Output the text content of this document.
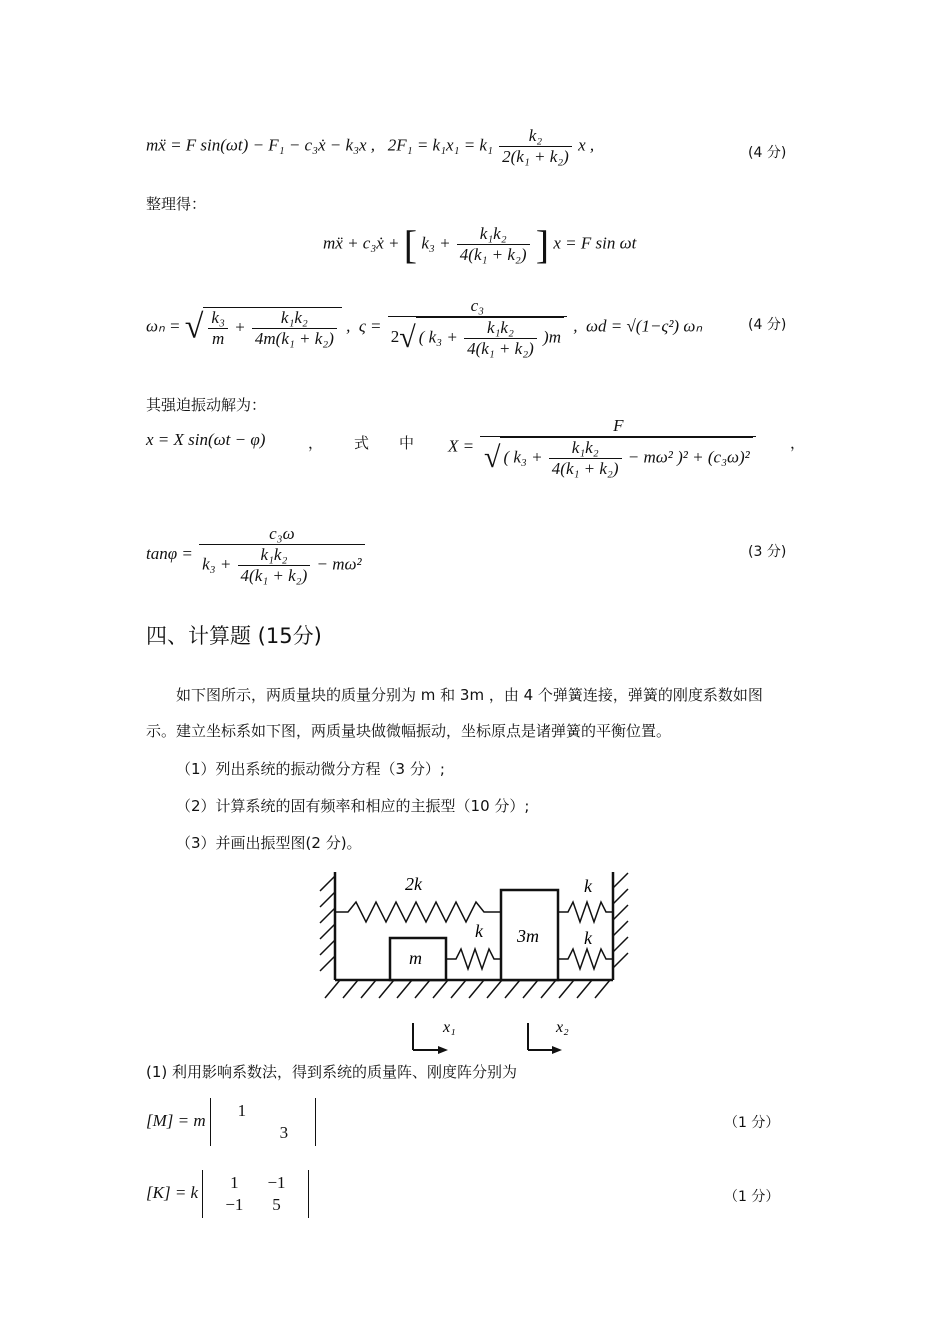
mẍ = F sin(ωt) − F₁ − c₃ẋ − k₃x , $2F_1 = k_1x_1 = k_1 \frac{\text{k₂}}{\text{2(k₁ + k₂)}}$ x ,	(4 分)
整理得：
mẍ + c₃ẋ + [ $k_3 + \frac{\text{k₁k₂}}{\text{4(k₁ + k₂)}}$ ] x = F sin ωt
ωₙ = √ $\frac{\text{k₃}}{m} + \frac{\text{k₁k₂}}{\text{4m(k₁ + k₂)}}$ ,  $\varsigma = \frac{\text{c₃}}{2√ ( k_3 + \frac{\text{k₁k₂}}{\text{4(k₁ + k₂)}} )m}$ ,  ωd = √(1−ς²) ωₙ	(4 分)
其强迫振动解为：
x = X sin(ωt − φ)	， 式　　中 $X = \frac{F}{√ ( k_3 + \frac{\text{k₁k₂}}{\text{4(k₁ + k₂)}} - m\omega^2 )^2 + (c_3\omega)^2}$ ，
$\tan\varphi = \frac{\text{c₃ω}}{k_3 + \frac{\text{k₁k₂}}{\text{4(k₁ + k₂)}} - m\omega^2}$	(3 分)
四、计算题 (15分)
如下图所示，两质量块的质量分别为 m 和 3m ，由 4 个弹簧连接，弹簧的刚度系数如图
示。建立坐标系如下图，两质量块做微幅振动，坐标原点是诸弹簧的平衡位置。
（1）列出系统的振动微分方程（3 分）;
（2）计算系统的固有频率和相应的主振型（10 分）;
（3）并画出振型图(2 分)。
2k
k
k
k
m
3m
x₁	x₂
(1) 利用影响系数法，得到系统的质量阵、刚度阵分别为
[M] = m
1	
	3	（1 分）
[K] = k
1	−1
−1	5	（1 分）
